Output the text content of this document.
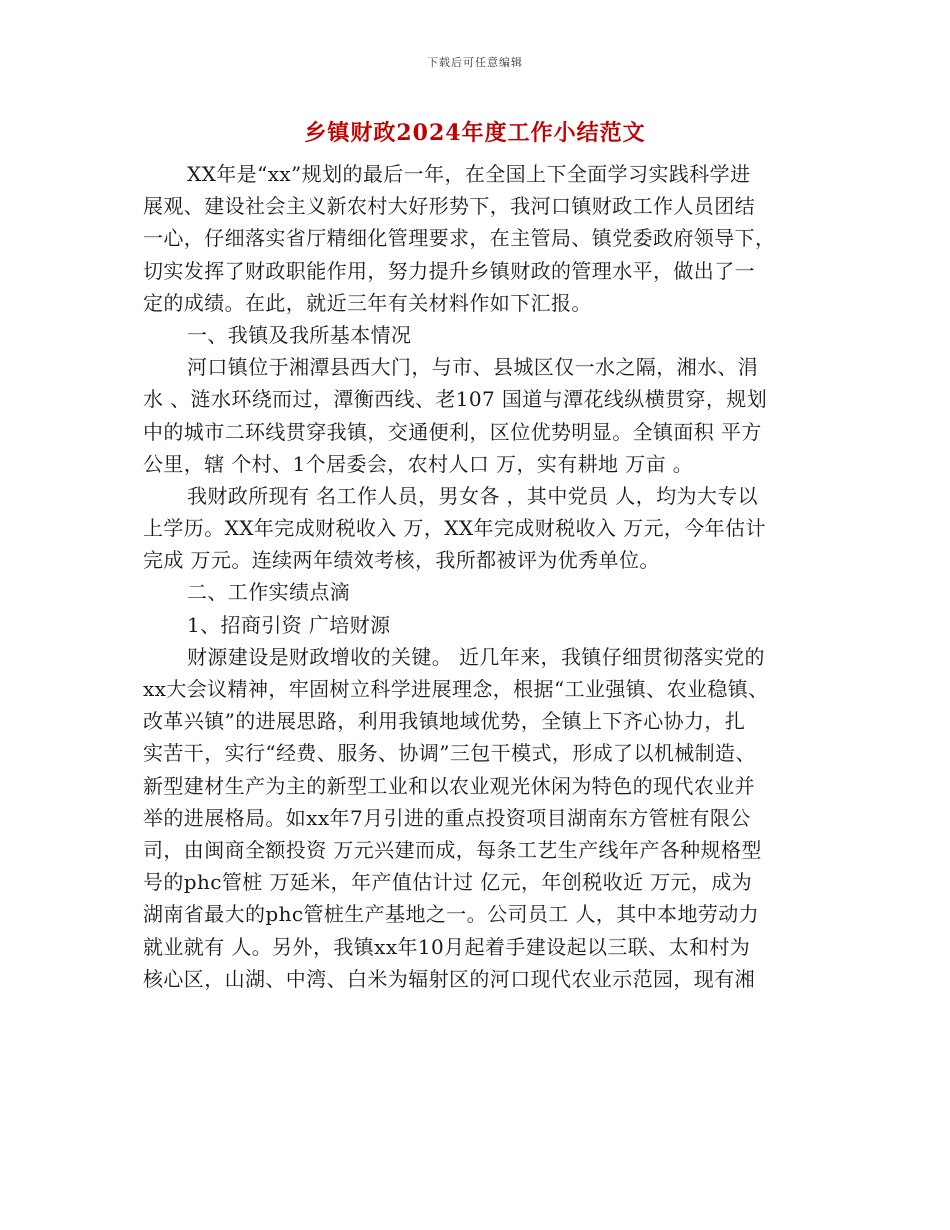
下载后可任意编辑
乡镇财政2024年度工作小结范文
XX年是“xx”规划的最后一年，在全国上下全面学习实践科学进
展观、建设社会主义新农村大好形势下，我河口镇财政工作人员团结
一心，仔细落实省厅精细化管理要求，在主管局、镇党委政府领导下，
切实发挥了财政职能作用，努力提升乡镇财政的管理水平，做出了一
定的成绩。在此，就近三年有关材料作如下汇报。
一、我镇及我所基本情况
河口镇位于湘潭县西大门，与市、县城区仅一水之隔，湘水、涓
水 、涟水环绕而过，潭衡西线、老107 国道与潭花线纵横贯穿，规划
中的城市二环线贯穿我镇，交通便利，区位优势明显。全镇面积 平方
公里，辖 个村、1个居委会，农村人口 万，实有耕地 万亩 。
我财政所现有 名工作人员，男女各 ，其中党员 人，均为大专以
上学历。XX年完成财税收入 万，XX年完成财税收入 万元，今年估计
完成 万元。连续两年绩效考核，我所都被评为优秀单位。
二、工作实绩点滴
1、招商引资 广培财源
财源建设是财政增收的关键。 近几年来，我镇仔细贯彻落实党的
xx大会议精神，牢固树立科学进展理念，根据“工业强镇、农业稳镇、
改革兴镇”的进展思路，利用我镇地域优势，全镇上下齐心协力，扎
实苦干，实行“经费、服务、协调”三包干模式，形成了以机械制造、
新型建材生产为主的新型工业和以农业观光休闲为特色的现代农业并
举的进展格局。如xx年7月引进的重点投资项目湖南东方管桩有限公
司，由闽商全额投资 万元兴建而成，每条工艺生产线年产各种规格型
号的phc管桩 万延米，年产值估计过 亿元，年创税收近 万元，成为
湖南省最大的phc管桩生产基地之一。公司员工 人，其中本地劳动力
就业就有 人。另外，我镇xx年10月起着手建设起以三联、太和村为
核心区，山湖、中湾、白米为辐射区的河口现代农业示范园，现有湘
